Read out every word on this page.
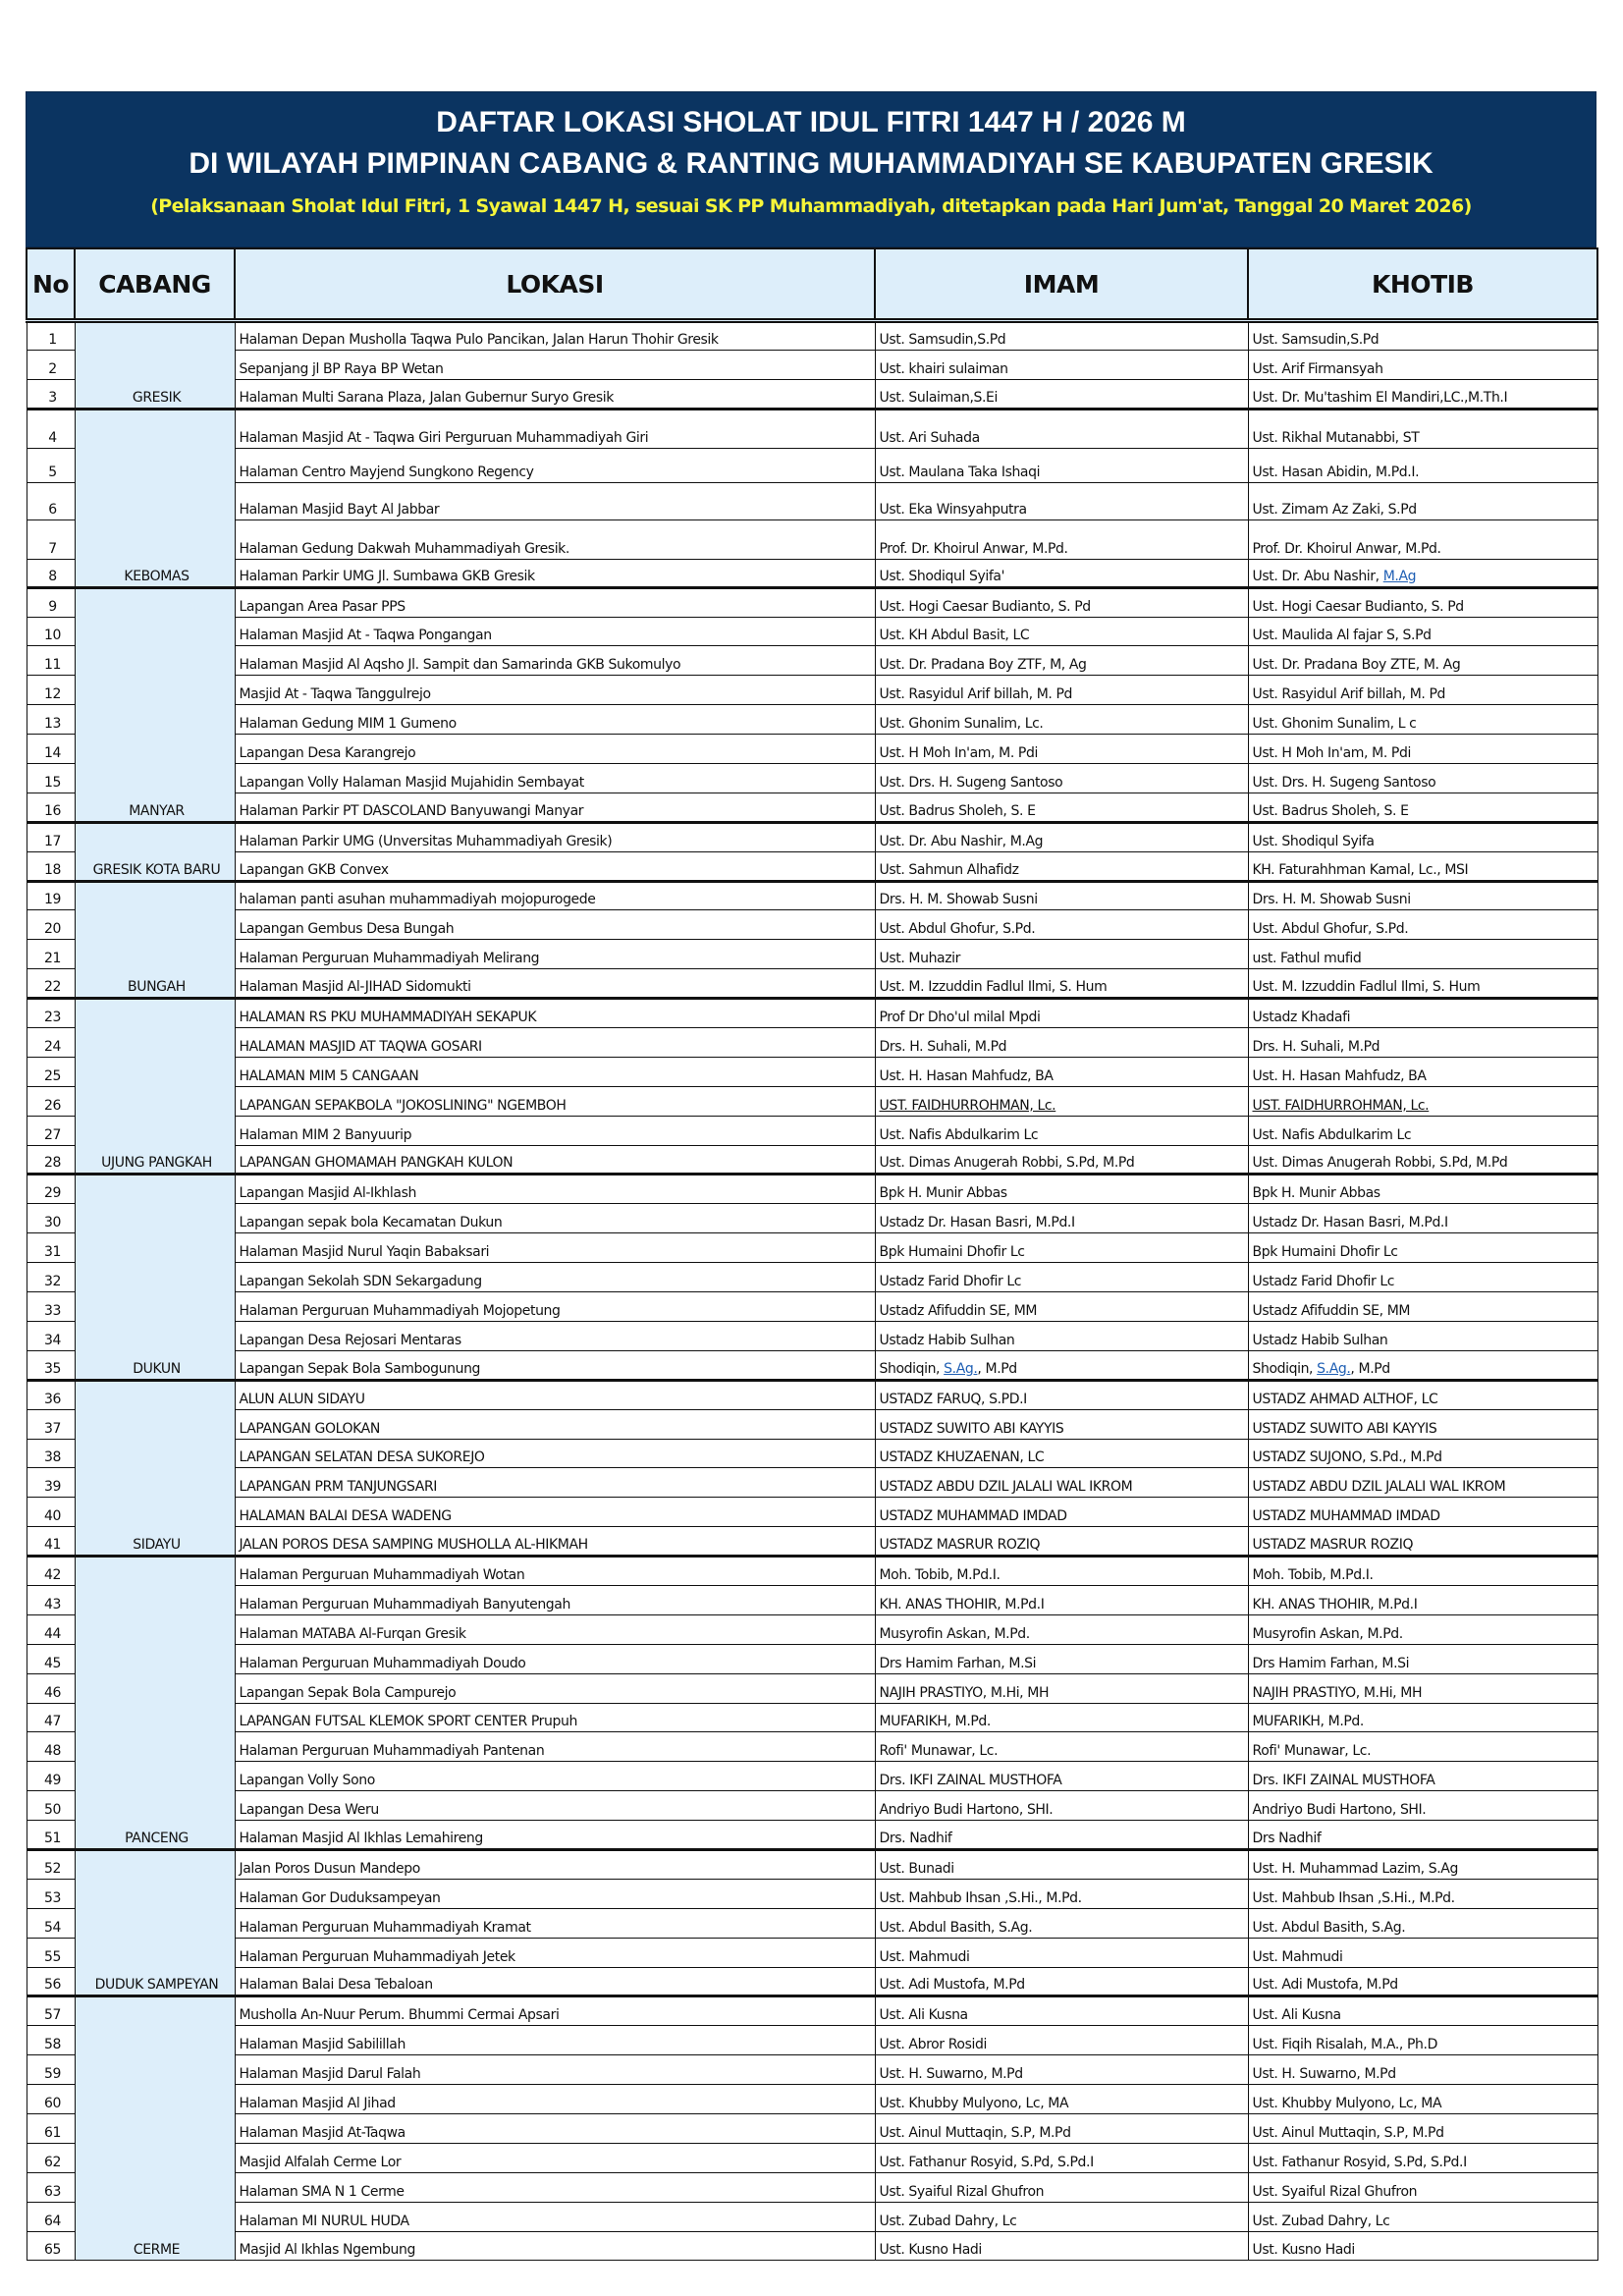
DAFTAR LOKASI SHOLAT IDUL FITRI 1447 H / 2026 M
DI WILAYAH PIMPINAN CABANG & RANTING MUHAMMADIYAH SE KABUPATEN GRESIK
(Pelaksanaan Sholat Idul Fitri, 1 Syawal 1447 H, sesuai SK PP Muhammadiyah, ditetapkan pada Hari Jum'at, Tanggal 20 Maret 2026)
No	CABANG	LOKASI	IMAM	KHOTIB
1	GRESIK	Halaman Depan Musholla Taqwa Pulo Pancikan, Jalan Harun Thohir Gresik	Ust. Samsudin,S.Pd	Ust. Samsudin,S.Pd
2		Sepanjang jl BP Raya BP Wetan	Ust. khairi sulaiman	Ust. Arif Firmansyah
3		Halaman Multi Sarana Plaza, Jalan Gubernur Suryo Gresik	Ust. Sulaiman,S.Ei	Ust. Dr. Mu'tashim El Mandiri,LC.,M.Th.I
4	KEBOMAS	Halaman Masjid At - Taqwa Giri Perguruan Muhammadiyah Giri	Ust. Ari Suhada	Ust. Rikhal Mutanabbi, ST
5		Halaman Centro Mayjend Sungkono Regency	Ust. Maulana Taka Ishaqi	Ust. Hasan Abidin, M.Pd.I.
6		Halaman Masjid Bayt Al Jabbar	Ust. Eka Winsyahputra	Ust. Zimam Az Zaki, S.Pd
7		Halaman Gedung Dakwah Muhammadiyah Gresik.	Prof. Dr. Khoirul Anwar, M.Pd.	Prof. Dr. Khoirul Anwar, M.Pd.
8		Halaman Parkir UMG Jl. Sumbawa GKB Gresik	Ust. Shodiqul Syifa'	Ust. Dr. Abu Nashir, M.Ag
9	MANYAR	Lapangan Area Pasar PPS	Ust. Hogi Caesar Budianto, S. Pd	Ust. Hogi Caesar Budianto, S. Pd
10		Halaman Masjid At - Taqwa Pongangan	Ust. KH Abdul Basit, LC	Ust. Maulida Al fajar S, S.Pd
11		Halaman Masjid Al Aqsho Jl. Sampit dan Samarinda GKB Sukomulyo	Ust. Dr. Pradana Boy ZTF, M, Ag	Ust. Dr. Pradana Boy ZTE, M. Ag
12		Masjid At - Taqwa Tanggulrejo	Ust. Rasyidul Arif billah, M. Pd	Ust. Rasyidul Arif billah, M. Pd
13		Halaman Gedung MIM 1 Gumeno	Ust. Ghonim Sunalim, Lc.	Ust. Ghonim Sunalim, L c
14		Lapangan Desa Karangrejo	Ust. H Moh In'am, M. Pdi	Ust. H Moh In'am, M. Pdi
15		Lapangan Volly Halaman Masjid Mujahidin Sembayat	Ust. Drs. H. Sugeng Santoso	Ust. Drs. H. Sugeng Santoso
16		Halaman Parkir PT DASCOLAND Banyuwangi Manyar	Ust. Badrus Sholeh, S. E	Ust. Badrus Sholeh, S. E
17	GRESIK KOTA BARU	Halaman Parkir UMG (Unversitas Muhammadiyah Gresik)	Ust. Dr. Abu Nashir, M.Ag	Ust. Shodiqul Syifa
18		Lapangan GKB Convex	Ust. Sahmun Alhafidz	KH. Faturahhman Kamal, Lc., MSI
19	BUNGAH	halaman panti asuhan muhammadiyah mojopurogede	Drs. H. M. Showab Susni	Drs. H. M. Showab Susni
20		Lapangan Gembus Desa Bungah	Ust. Abdul Ghofur, S.Pd.	Ust. Abdul Ghofur, S.Pd.
21		Halaman Perguruan Muhammadiyah Melirang	Ust. Muhazir	ust. Fathul mufid
22		Halaman Masjid Al-JIHAD Sidomukti	Ust. M. Izzuddin Fadlul Ilmi, S. Hum	Ust. M. Izzuddin Fadlul Ilmi, S. Hum
23	UJUNG PANGKAH	HALAMAN RS PKU MUHAMMADIYAH SEKAPUK	Prof Dr Dho'ul milal Mpdi	Ustadz Khadafi
24		HALAMAN MASJID AT TAQWA GOSARI	Drs. H. Suhali, M.Pd	Drs. H. Suhali, M.Pd
25		HALAMAN MIM 5 CANGAAN	Ust. H. Hasan Mahfudz, BA	Ust. H. Hasan Mahfudz, BA
26		LAPANGAN SEPAKBOLA "JOKOSLINING" NGEMBOH	UST. FAIDHURROHMAN, Lc.	UST. FAIDHURROHMAN, Lc.
27		Halaman MIM 2 Banyuurip	Ust. Nafis Abdulkarim Lc	Ust. Nafis Abdulkarim Lc
28		LAPANGAN GHOMAMAH PANGKAH KULON	Ust. Dimas Anugerah Robbi, S.Pd, M.Pd	Ust. Dimas Anugerah Robbi, S.Pd, M.Pd
29	DUKUN	Lapangan Masjid Al-Ikhlash	Bpk H. Munir Abbas	Bpk H. Munir Abbas
30		Lapangan sepak bola Kecamatan Dukun	Ustadz Dr. Hasan Basri, M.Pd.I	Ustadz Dr. Hasan Basri, M.Pd.I
31		Halaman Masjid Nurul Yaqin Babaksari	Bpk Humaini Dhofir Lc	Bpk Humaini Dhofir Lc
32		Lapangan Sekolah SDN Sekargadung	Ustadz Farid Dhofir Lc	Ustadz Farid Dhofir Lc
33		Halaman Perguruan Muhammadiyah Mojopetung	Ustadz Afifuddin SE, MM	Ustadz Afifuddin SE, MM
34		Lapangan Desa Rejosari Mentaras	Ustadz Habib Sulhan	Ustadz Habib Sulhan
35		Lapangan Sepak Bola Sambogunung	Shodiqin, S.Ag., M.Pd	Shodiqin, S.Ag., M.Pd
36	SIDAYU	ALUN ALUN SIDAYU	USTADZ FARUQ, S.PD.I	USTADZ AHMAD ALTHOF, LC
37		LAPANGAN GOLOKAN	USTADZ SUWITO ABI KAYYIS	USTADZ SUWITO ABI KAYYIS
38		LAPANGAN SELATAN DESA SUKOREJO	USTADZ KHUZAENAN, LC	USTADZ SUJONO, S.Pd., M.Pd
39		LAPANGAN PRM TANJUNGSARI	USTADZ ABDU DZIL JALALI WAL IKROM	USTADZ ABDU DZIL JALALI WAL IKROM
40		HALAMAN BALAI DESA WADENG	USTADZ MUHAMMAD IMDAD	USTADZ MUHAMMAD IMDAD
41		JALAN POROS DESA SAMPING MUSHOLLA AL-HIKMAH	USTADZ MASRUR ROZIQ	USTADZ MASRUR ROZIQ
42	PANCENG	Halaman Perguruan Muhammadiyah Wotan	Moh. Tobib, M.Pd.I.	Moh. Tobib, M.Pd.I.
43		Halaman Perguruan Muhammadiyah Banyutengah	KH. ANAS THOHIR, M.Pd.I	KH. ANAS THOHIR, M.Pd.I
44		Halaman MATABA Al-Furqan Gresik	Musyrofin Askan, M.Pd.	Musyrofin Askan, M.Pd.
45		Halaman Perguruan Muhammadiyah Doudo	Drs Hamim Farhan, M.Si	Drs Hamim Farhan, M.Si
46		Lapangan Sepak Bola Campurejo	NAJIH PRASTIYO, M.Hi, MH	NAJIH PRASTIYO, M.Hi, MH
47		LAPANGAN FUTSAL KLEMOK SPORT CENTER Prupuh	MUFARIKH, M.Pd.	MUFARIKH, M.Pd.
48		Halaman Perguruan Muhammadiyah Pantenan	Rofi' Munawar, Lc.	Rofi' Munawar, Lc.
49		Lapangan Volly Sono	Drs. IKFI ZAINAL MUSTHOFA	Drs. IKFI ZAINAL MUSTHOFA
50		Lapangan Desa Weru	Andriyo Budi Hartono, SHI.	Andriyo Budi Hartono, SHI.
51		Halaman Masjid Al Ikhlas Lemahireng	Drs. Nadhif	Drs Nadhif
52	DUDUK SAMPEYAN	Jalan Poros Dusun Mandepo	Ust. Bunadi	Ust. H. Muhammad Lazim, S.Ag
53		Halaman Gor Duduksampeyan	Ust. Mahbub Ihsan ,S.Hi., M.Pd.	Ust. Mahbub Ihsan ,S.Hi., M.Pd.
54		Halaman Perguruan Muhammadiyah Kramat	Ust. Abdul Basith, S.Ag.	Ust. Abdul Basith, S.Ag.
55		Halaman Perguruan Muhammadiyah Jetek	Ust. Mahmudi	Ust. Mahmudi
56		Halaman Balai Desa Tebaloan	Ust. Adi Mustofa, M.Pd	Ust. Adi Mustofa, M.Pd
57	CERME	Musholla An-Nuur Perum. Bhummi Cermai Apsari	Ust. Ali Kusna	Ust. Ali Kusna
58		Halaman Masjid Sabilillah	Ust. Abror Rosidi	Ust. Fiqih Risalah, M.A., Ph.D
59		Halaman Masjid Darul Falah	Ust. H. Suwarno, M.Pd	Ust. H. Suwarno, M.Pd
60		Halaman Masjid Al Jihad	Ust. Khubby Mulyono, Lc, MA	Ust. Khubby Mulyono, Lc, MA
61		Halaman Masjid At-Taqwa	Ust. Ainul Muttaqin, S.P, M.Pd	Ust. Ainul Muttaqin, S.P, M.Pd
62		Masjid Alfalah Cerme Lor	Ust. Fathanur Rosyid, S.Pd, S.Pd.I	Ust. Fathanur Rosyid, S.Pd, S.Pd.I
63		Halaman SMA N 1 Cerme	Ust. Syaiful Rizal Ghufron	Ust. Syaiful Rizal Ghufron
64		Halaman MI NURUL HUDA	Ust. Zubad Dahry, Lc	Ust. Zubad Dahry, Lc
65		Masjid Al Ikhlas Ngembung	Ust. Kusno Hadi	Ust. Kusno Hadi
